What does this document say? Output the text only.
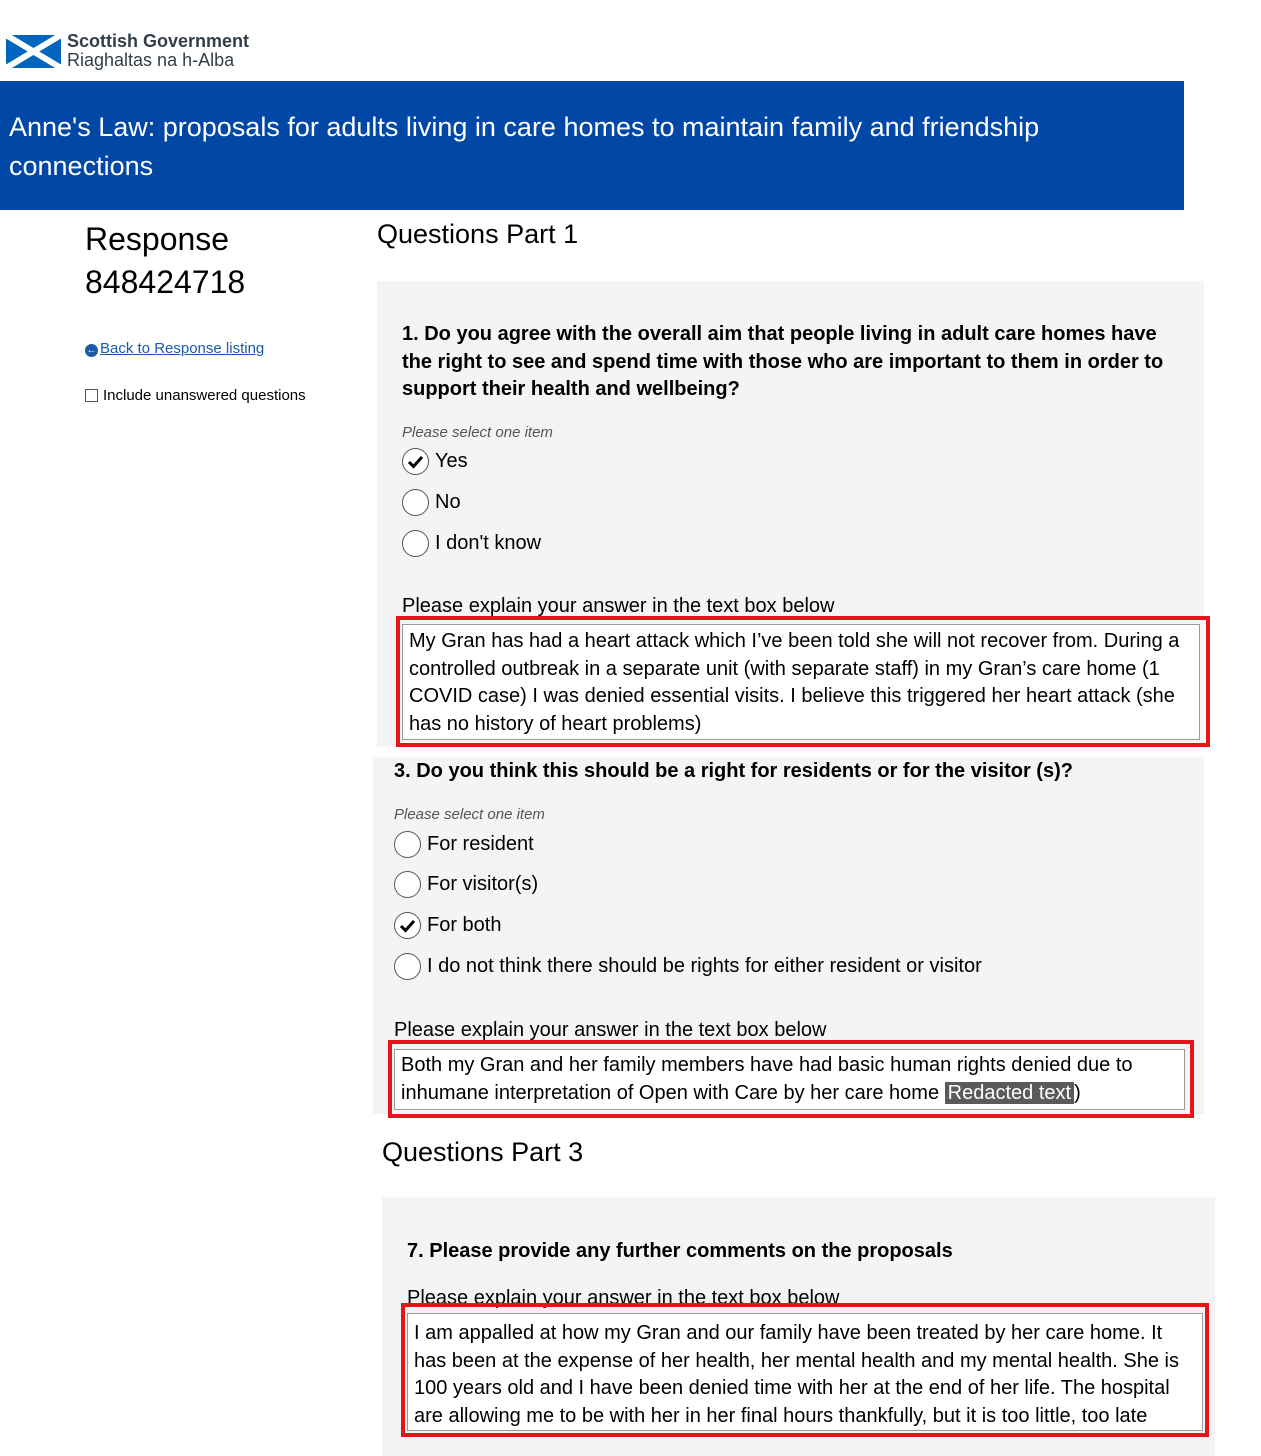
Scottish Government
Riaghaltas na h-Alba
Anne's Law: proposals for adults living in care homes to maintain family and friendship connections
Response
848424718
← Back to Response listing
Include unanswered questions
Questions Part 1
1. Do you agree with the overall aim that people living in adult care homes have the right to see and spend time with those who are important to them in order to support their health and wellbeing?
Please select one item
Yes
No
I don't know
Please explain your answer in the text box below
My Gran has had a heart attack which I’ve been told she will not recover from. During a controlled outbreak in a separate unit (with separate staff) in my Gran’s care home (1 COVID case) I was denied essential visits. I believe this triggered her heart attack (she has no history of heart problems)
3. Do you think this should be a right for residents or for the visitor (s)?
Please select one item
For resident
For visitor(s)
For both
I do not think there should be rights for either resident or visitor
Please explain your answer in the text box below
Both my Gran and her family members have had basic human rights denied due to inhumane interpretation of Open with Care by her care home Redacted text )
Questions Part 3
7. Please provide any further comments on the proposals
Please explain your answer in the text box below
I am appalled at how my Gran and our family have been treated by her care home. It has been at the expense of her health, her mental health and my mental health. She is 100 years old and I have been denied time with her at the end of her life. The hospital are allowing me to be with her in her final hours thankfully, but it is too little, too late
